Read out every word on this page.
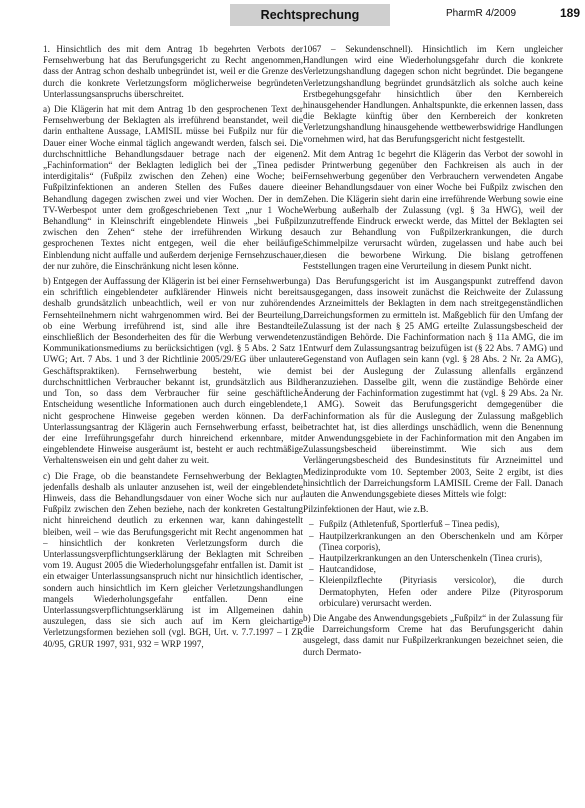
Rechtsprechung	PharmR 4/2009	189

1. Hinsichtlich des mit dem Antrag 1b begehrten Verbots der Fernsehwerbung hat das Berufungsgericht zu Recht angenommen, dass der Antrag schon deshalb unbegründet ist, weil er die Grenze des durch die konkrete Verletzungsform möglicherweise begründeten Unterlassungsanspruchs überschreitet.

a) Die Klägerin hat mit dem Antrag 1b den gesprochenen Text der Fernsehwerbung der Beklagten als irreführend beanstandet, weil die darin enthaltene Aussage, LAMISIL müsse bei Fußpilz nur für die Dauer einer Woche einmal täglich angewandt werden, falsch sei. Die durchschnittliche Behandlungsdauer betrage nach der eigenen „Fachinformation“ der Beklagten lediglich bei der „Tinea pedis interdigitalis“ (Fußpilz zwischen den Zehen) eine Woche; bei Fußpilzinfektionen an anderen Stellen des Fußes dauere die Behandlung dagegen zwischen zwei und vier Wochen. Der in dem TV-Werbespot unter dem großgeschriebenen Text „nur 1 Woche Behandlung“ in Kleinschrift eingeblendete Hinweis „bei Fußpilz zwischen den Zehen“ stehe der irreführenden Wirkung des gesprochenen Textes nicht entgegen, weil die eher beiläufige Einblendung nicht auffalle und außerdem derjenige Fernsehzuschauer, der nur zuhöre, die Einschränkung nicht lesen könne.

b) Entgegen der Auffassung der Klägerin ist bei einer Fernsehwerbung ein schriftlich eingeblendeter aufklärender Hinweis nicht bereits deshalb grundsätzlich unbeachtlich, weil er von nur zuhörenden Fernsehteilnehmern nicht wahrgenommen wird. Bei der Beurteilung, ob eine Werbung irreführend ist, sind alle ihre Bestandteile einschließlich der Besonderheiten des für die Werbung verwendeten Kommunikationsmediums zu berücksichtigen (vgl. § 5 Abs. 2 Satz 1 UWG; Art. 7 Abs. 1 und 3 der Richtlinie 2005/29/EG über unlautere Geschäftspraktiken). Fernsehwerbung besteht, wie dem durchschnittlichen Verbraucher bekannt ist, grundsätzlich aus Bild und Ton, so dass dem Verbraucher für seine geschäftliche Entscheidung wesentliche Informationen auch durch eingeblendete, nicht gesprochene Hinweise gegeben werden können. Da der Unterlassungsantrag der Klägerin auch Fernsehwerbung erfasst, bei der eine Irreführungsgefahr durch hinreichend erkennbare, mit eingeblendete Hinweise ausgeräumt ist, besteht er auch rechtmäßige Verhaltensweisen ein und geht daher zu weit.

c) Die Frage, ob die beanstandete Fernsehwerbung der Beklagten jedenfalls deshalb als unlauter anzusehen ist, weil der eingeblendete Hinweis, dass die Behandlungsdauer von einer Woche sich nur auf Fußpilz zwischen den Zehen beziehe, nach der konkreten Gestaltung nicht hinreichend deutlich zu erkennen war, kann dahingestellt bleiben, weil – wie das Berufungsgericht mit Recht angenommen hat – hinsichtlich der konkreten Verletzungsform durch die Unterlassungsverpflichtungserklärung der Beklagten mit Schreiben vom 19. August 2005 die Wiederholungsgefahr entfallen ist. Damit ist ein etwaiger Unterlassungsanspruch nicht nur hinsichtlich identischer, sondern auch hinsichtlich im Kern gleicher Verletzungshandlungen mangels Wiederholungsgefahr entfallen. Denn eine Unterlassungsverpflichtungserklärung ist im Allgemeinen dahin auszulegen, dass sie sich auch auf im Kern gleichartige Verletzungsformen beziehen soll (vgl. BGH, Urt. v. 7.7.1997 – I ZR 40/95, GRUR 1997, 931, 932 = WRP 1997,

1067 – Sekundenschnell). Hinsichtlich im Kern ungleicher Handlungen wird eine Wiederholungsgefahr durch die konkrete Verletzungshandlung dagegen schon nicht begründet. Die begangene Verletzungshandlung begründet grundsätzlich als solche auch keine Erstbegehungsgefahr hinsichtlich über den Kernbereich hinausgehender Handlungen. Anhaltspunkte, die erkennen lassen, dass die Beklagte künftig über den Kernbereich der konkreten Verletzungshandlung hinausgehende wettbewerbswidrige Handlungen vornehmen wird, hat das Berufungsgericht nicht festgestellt.

2. Mit dem Antrag 1c begehrt die Klägerin das Verbot der sowohl in der Printwerbung gegenüber den Fachkreisen als auch in der Fernsehwerbung gegenüber den Verbrauchern verwendeten Angabe einer Behandlungsdauer von einer Woche bei Fußpilz zwischen den Zehen. Die Klägerin sieht darin eine irreführende Werbung sowie eine Werbung außerhalb der Zulassung (vgl. § 3a HWG), weil der unzutreffende Eindruck erweckt werde, das Mittel der Beklagten sei auch zur Behandlung von Fußpilzerkrankungen, die durch Schimmelpilze verursacht würden, zugelassen und habe auch bei diesen die beworbene Wirkung. Die bislang getroffenen Feststellungen tragen eine Verurteilung in diesem Punkt nicht.

a) Das Berufungsgericht ist im Ausgangspunkt zutreffend davon ausgegangen, dass insoweit zunächst die Reichweite der Zulassung des Arzneimittels der Beklagten in dem nach streitgegenständlichen Darreichungsformen zu ermitteln ist. Maßgeblich für den Umfang der Zulassung ist der nach § 25 AMG erteilte Zulassungsbescheid der zuständigen Behörde. Die Fachinformation nach § 11a AMG, die im Entwurf dem Zulassungsantrag beizufügen ist (§ 22 Abs. 7 AMG) und Gegenstand von Auflagen sein kann (vgl. § 28 Abs. 2 Nr. 2a AMG), ist bei der Auslegung der Zulassung allenfalls ergänzend heranzuziehen. Dasselbe gilt, wenn die zuständige Behörde einer Änderung der Fachinformation zugestimmt hat (vgl. § 29 Abs. 2a Nr. 1 AMG). Soweit das Berufungsgericht demgegenüber die Fachinformation als für die Auslegung der Zulassung maßgeblich betrachtet hat, ist dies allerdings unschädlich, wenn die Benennung der Anwendungsgebiete in der Fachinformation mit den Angaben im Zulassungsbescheid übereinstimmt. Wie sich aus dem Verlängerungsbescheid des Bundesinstituts für Arzneimittel und Medizinprodukte vom 10. September 2003, Seite 2 ergibt, ist dies hinsichtlich der Darreichungsform LAMISIL Creme der Fall. Danach lauten die Anwendungsgebiete dieses Mittels wie folgt:

Pilzinfektionen der Haut, wie z.B.

– Fußpilz (Athletenfuß, Sportlerfuß – Tinea pedis),
– Hautpilzerkrankungen an den Oberschenkeln und am Körper (Tinea corporis),
– Hautpilzerkrankungen an den Unterschenkeln (Tinea cruris),
– Hautcandidose,
– Kleienpilzflechte (Pityriasis versicolor), die durch Dermatophyten, Hefen oder andere Pilze (Pityrosporum orbiculare) verursacht werden.

b) Die Angabe des Anwendungsgebiets „Fußpilz“ in der Zulassung für die Darreichungsform Creme hat das Berufungsgericht dahin ausgelegt, dass damit nur Fußpilzerkrankungen bezeichnet seien, die durch Dermato-
